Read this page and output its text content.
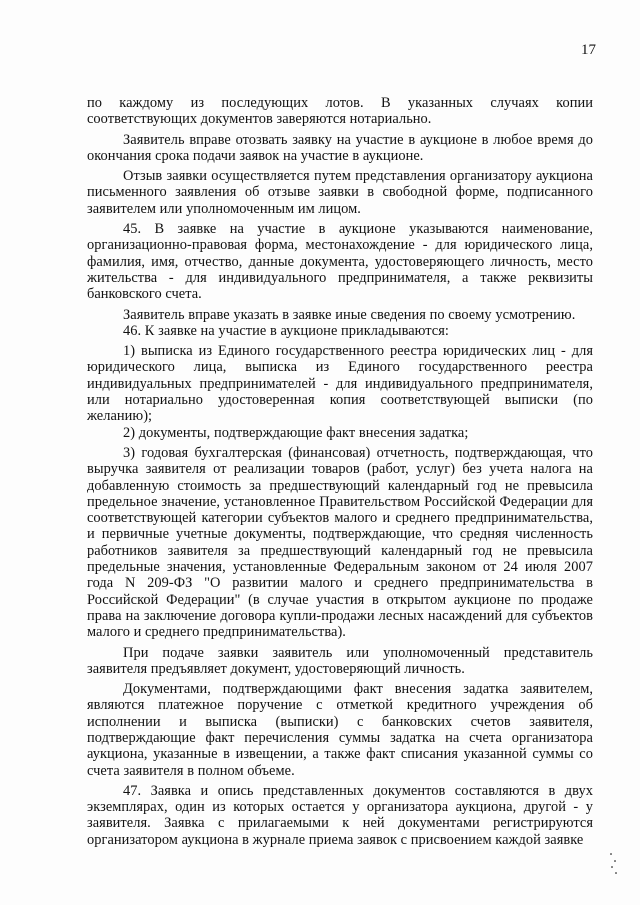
17

по каждому из последующих лотов. В указанных случаях копии соответствующих документов заверяются нотариально.

Заявитель вправе отозвать заявку на участие в аукционе в любое время до окончания срока подачи заявок на участие в аукционе.

Отзыв заявки осуществляется путем представления организатору аукциона письменного заявления об отзыве заявки в свободной форме, подписанного заявителем или уполномоченным им лицом.

45. В заявке на участие в аукционе указываются наименование, организационно-правовая форма, местонахождение - для юридического лица, фамилия, имя, отчество, данные документа, удостоверяющего личность, место жительства - для индивидуального предпринимателя, а также реквизиты банковского счета.

Заявитель вправе указать в заявке иные сведения по своему усмотрению.

46. К заявке на участие в аукционе прикладываются:

1) выписка из Единого государственного реестра юридических лиц - для юридического лица, выписка из Единого государственного реестра индивидуальных предпринимателей - для индивидуального предпринимателя, или нотариально удостоверенная копия соответствующей выписки (по желанию);

2) документы, подтверждающие факт внесения задатка;

3) годовая бухгалтерская (финансовая) отчетность, подтверждающая, что выручка заявителя от реализации товаров (работ, услуг) без учета налога на добавленную стоимость за предшествующий календарный год не превысила предельное значение, установленное Правительством Российской Федерации для соответствующей категории субъектов малого и среднего предпринимательства, и первичные учетные документы, подтверждающие, что средняя численность работников заявителя за предшествующий календарный год не превысила предельные значения, установленные Федеральным законом от 24 июля 2007 года N 209-ФЗ "О развитии малого и среднего предпринимательства в Российской Федерации" (в случае участия в открытом аукционе по продаже права на заключение договора купли-продажи лесных насаждений для субъектов малого и среднего предпринимательства).

При подаче заявки заявитель или уполномоченный представитель заявителя предъявляет документ, удостоверяющий личность.

Документами, подтверждающими факт внесения задатка заявителем, являются платежное поручение с отметкой кредитного учреждения об исполнении и выписка (выписки) с банковских счетов заявителя, подтверждающие факт перечисления суммы задатка на счета организатора аукциона, указанные в извещении, а также факт списания указанной суммы со счета заявителя в полном объеме.

47. Заявка и опись представленных документов составляются в двух экземплярах, один из которых остается у организатора аукциона, другой - у заявителя. Заявка с прилагаемыми к ней документами регистрируются организатором аукциона в журнале приема заявок с присвоением каждой заявке
